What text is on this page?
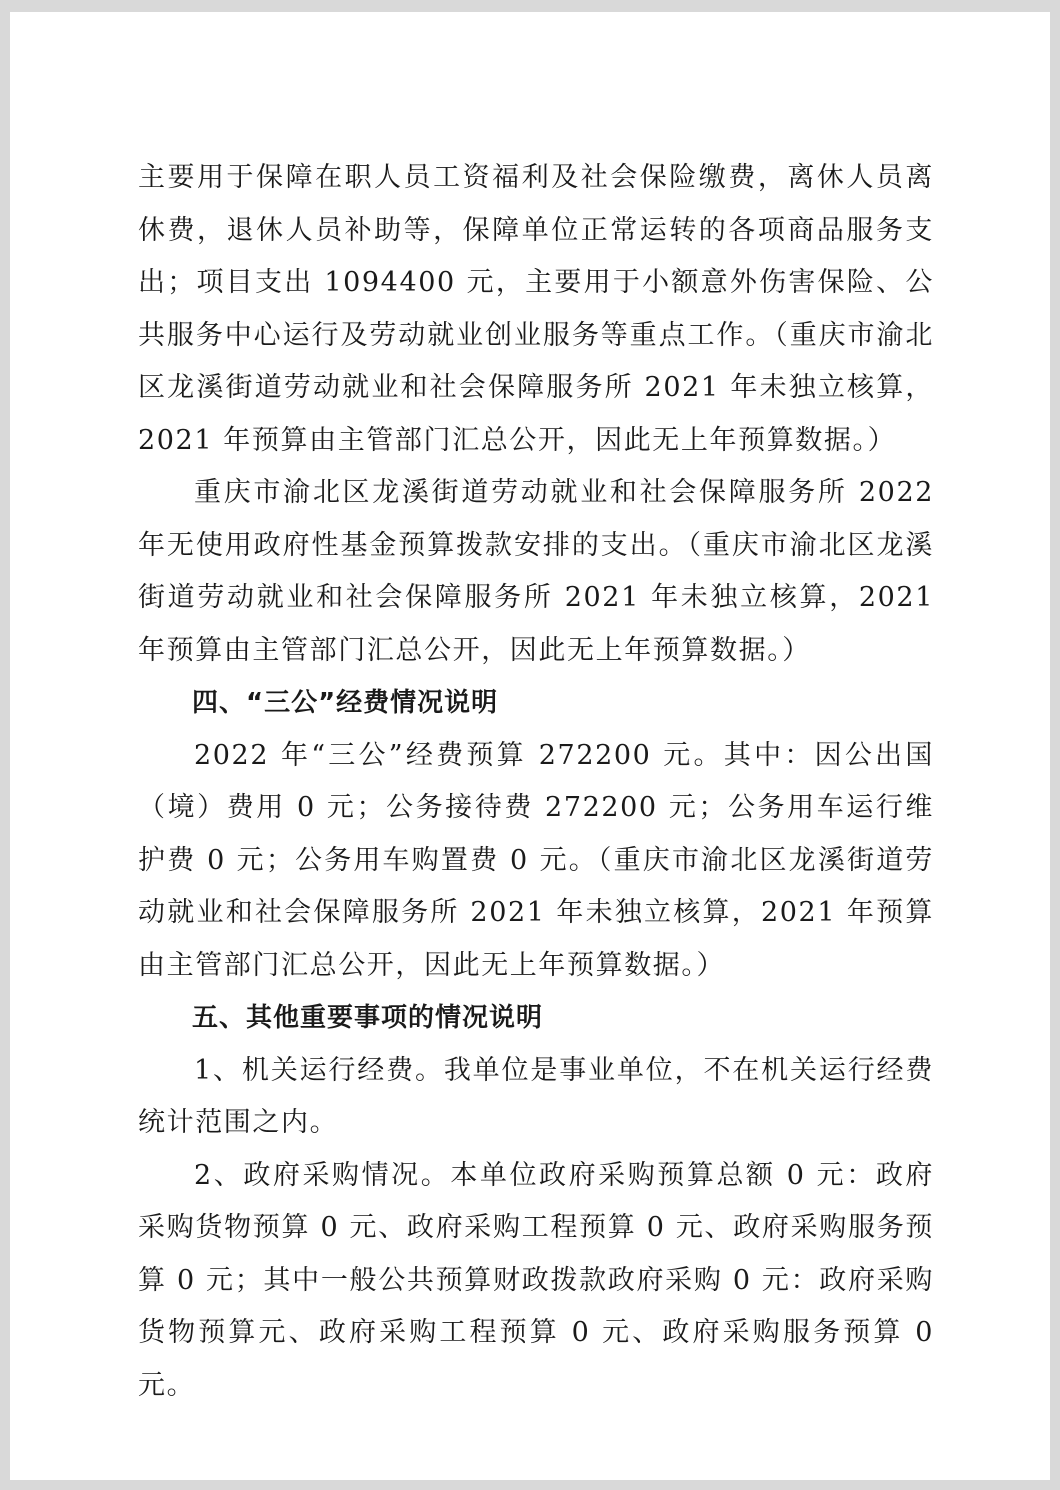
主要用于保障在职人员工资福利及社会保险缴费，离休人员离休费，退休人员补助等，保障单位正常运转的各项商品服务支出；项目支出 1094400 元，主要用于小额意外伤害保险、公共服务中心运行及劳动就业创业服务等重点工作。（重庆市渝北区龙溪街道劳动就业和社会保障服务所 2021 年未独立核算，2021 年预算由主管部门汇总公开，因此无上年预算数据。）

重庆市渝北区龙溪街道劳动就业和社会保障服务所 2022 年无使用政府性基金预算拨款安排的支出。（重庆市渝北区龙溪街道劳动就业和社会保障服务所 2021 年未独立核算，2021 年预算由主管部门汇总公开，因此无上年预算数据。）

四、“三公”经费情况说明

2022 年“三公”经费预算 272200 元。其中：因公出国（境）费用 0 元；公务接待费 272200 元；公务用车运行维护费 0 元；公务用车购置费 0 元。（重庆市渝北区龙溪街道劳动就业和社会保障服务所 2021 年未独立核算，2021 年预算由主管部门汇总公开，因此无上年预算数据。）

五、其他重要事项的情况说明

1、机关运行经费。我单位是事业单位，不在机关运行经费统计范围之内。

2、政府采购情况。本单位政府采购预算总额 0 元：政府采购货物预算 0 元、政府采购工程预算 0 元、政府采购服务预算 0 元；其中一般公共预算财政拨款政府采购 0 元：政府采购货物预算元、政府采购工程预算 0 元、政府采购服务预算 0 元。
